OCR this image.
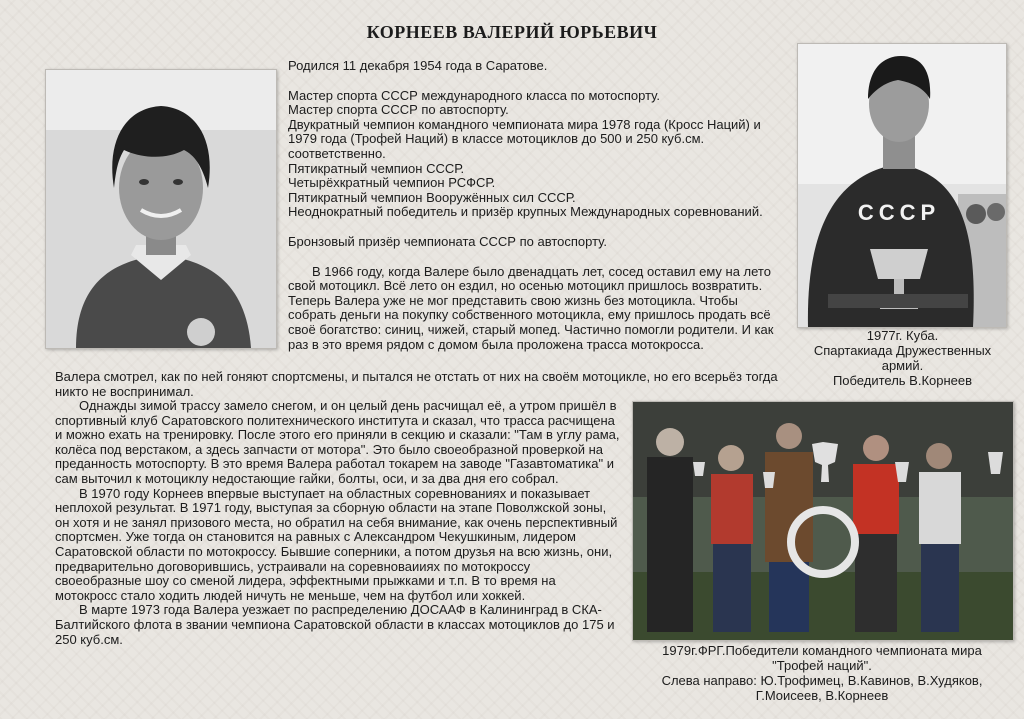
КОРНЕЕВ ВАЛЕРИЙ ЮРЬЕВИЧ
СССР

Родился 11 декабря 1954 года в Саратове.

Мастер спорта СССР международного класса по мотоспорту.

Мастер спорта СССР по автоспорту.

Двукратный чемпион командного чемпионата мира 1978 года (Кросс Наций) и 1979 года (Трофей Наций) в классе мотоциклов до 500 и 250 куб.см. соответственно.

Пятикратный чемпион СССР.

Четырёхкратный чемпион РСФСР.

Пятикратный чемпион Вооружённых сил СССР.

Неоднократный победитель и призёр крупных Международных соревнований.

Бронзовый призёр чемпионата СССР по автоспорту.

В 1966 году, когда Валере было двенадцать лет, сосед оставил ему на лето свой мотоцикл. Всё лето он ездил, но осенью мотоцикл пришлось возвратить. Теперь Валера уже не мог представить свою жизнь без мотоцикла. Чтобы собрать деньги на покупку собственного мотоцикла, ему пришлось продать всё своё богатство: синиц, чижей, старый мопед. Частично помогли родители. И как раз в это время рядом с домом была проложена трасса мотокросса.

Валера смотрел, как по ней гоняют спортсмены, и пытался не отстать от них на своём мотоцикле, но его всерьёз тогда никто не воспринимал.

Однажды зимой трассу замело снегом, и он целый день расчищал её, а утром пришёл в спортивный клуб Саратовского политехнического института и сказал, что трасса расчищена и можно ехать на тренировку. После этого его приняли в секцию и сказали: "Там в углу рама, колёса под верстаком, а здесь запчасти от мотора". Это было своеобразной проверкой на преданность мотоспорту. В это время Валера работал токарем на заводе "Газавтоматика" и сам выточил к мотоциклу недостающие гайки, болты, оси, и за два дня его собрал.

В 1970 году Корнеев впервые выступает на областных соревнованиях и показывает неплохой результат. В 1971 году, выступая за сборную области на этапе Поволжской зоны, он хотя и не занял призового места, но обратил на себя внимание, как очень перспективный спортсмен. Уже тогда он становится на равных с Александром Чекушкиным, лидером Саратовской области по мотокроссу. Бывшие соперники, а потом друзья на всю жизнь, они, предварительно договорившись, устраивали на соревноваииях по мотокроссу своеобразные шоу со сменой лидера, эффектными прыжками и т.п. В то время на мотокросс стало ходить людей ничуть не меньше, чем на футбол или хоккей.

В марте 1973 года Валера уезжает по распределению ДОСААФ в Калининград в СКА-Балтийского флота в звании чемпиона Саратовской области в классах мотоциклов до 175 и 250 куб.см.

1977г. Куба.

Спартакиада Дружественных

армий.

Победитель В.Корнеев

1979г.ФРГ.Победители командного чемпионата мира

"Трофей наций".

Слева направо: Ю.Трофимец, В.Кавинов, В.Худяков,

Г.Моисеев, В.Корнеев
